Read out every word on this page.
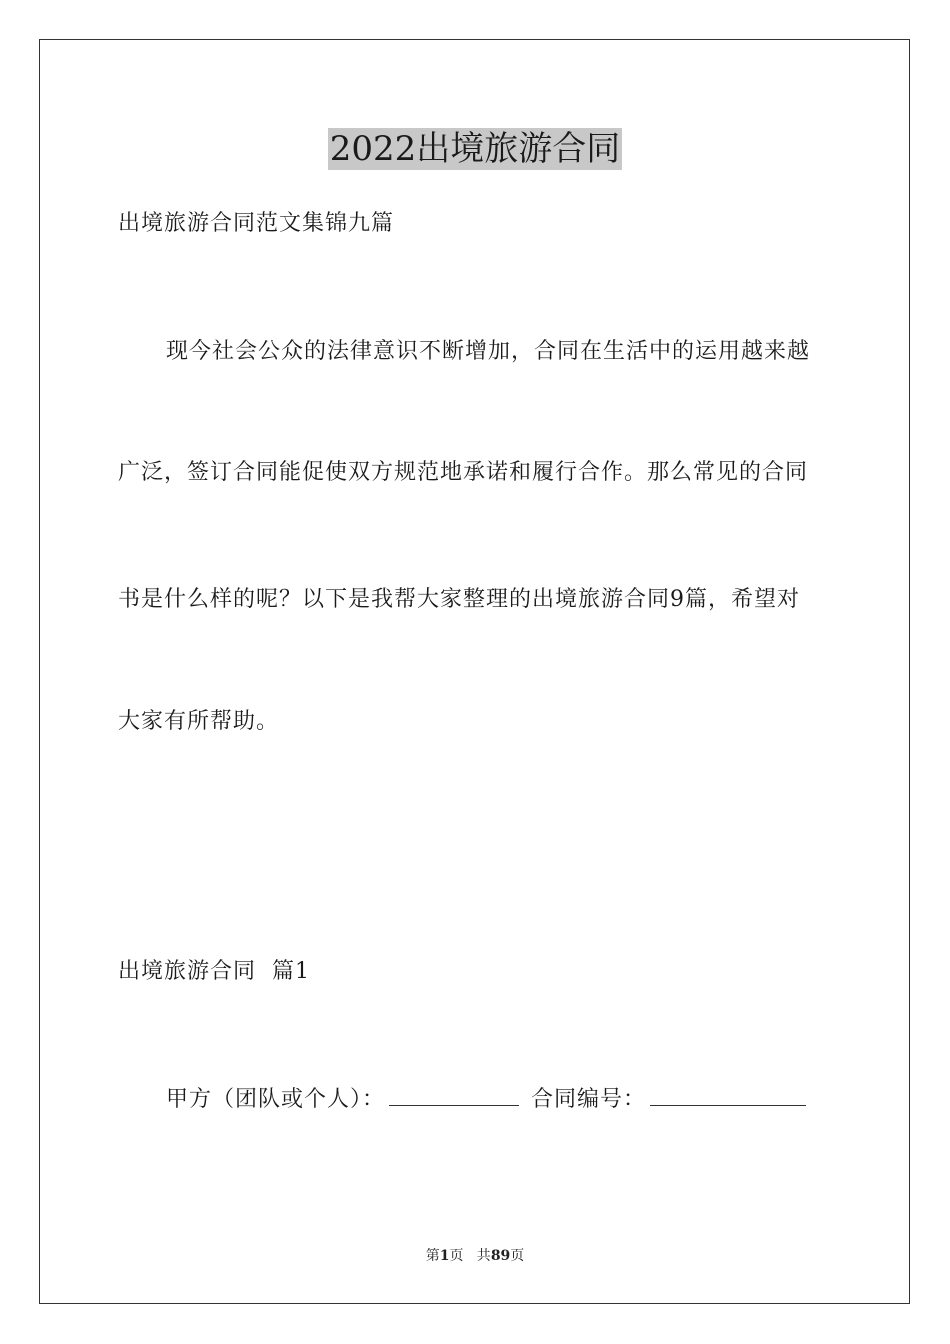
2022出境旅游合同
出境旅游合同范文集锦九篇
现今社会公众的法律意识不断增加，合同在生活中的运用越来越
广泛，签订合同能促使双方规范地承诺和履行合作。那么常见的合同
书是什么样的呢？以下是我帮大家整理的出境旅游合同9篇，希望对
大家有所帮助。
出境旅游合同  篇1
甲方（团队或个人）：	合同编号：
第1页   共89页
